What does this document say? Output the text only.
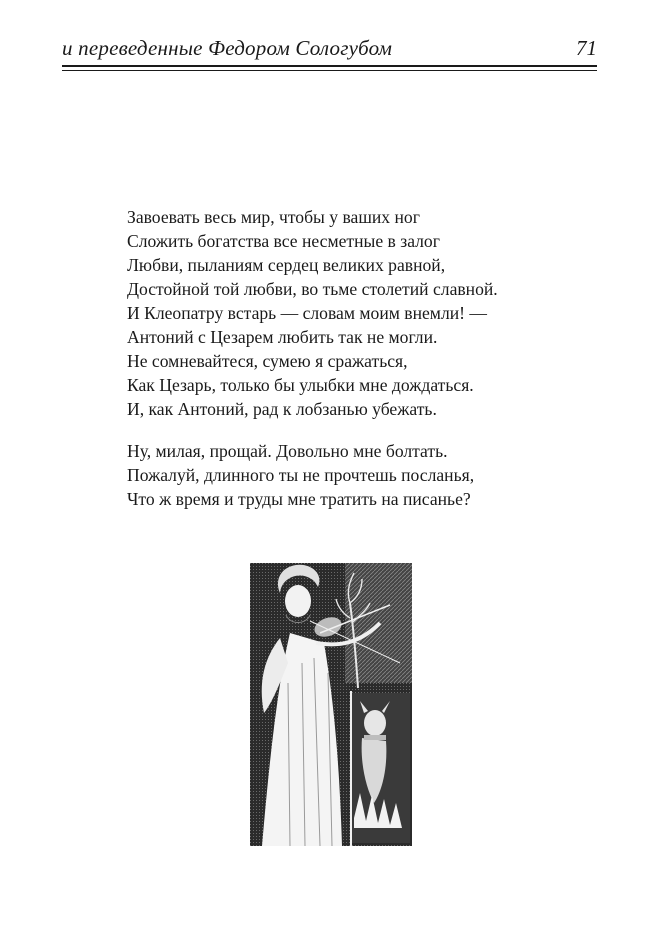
и переведенные Федором Сологубом	71
Завоевать весь мир, чтобы у ваших ног
Сложить богатства все несметные в залог
Любви, пыланиям сердец великих равной,
Достойной той любви, во тьме столетий славной.
И Клеопатру встарь — словам моим внемли! —
Антоний с Цезарем любить так не могли.
Не сомневайтеся, сумею я сражаться,
Как Цезарь, только бы улыбки мне дождаться.
И, как Антоний, рад к лобзанью убежать.
Ну, милая, прощай. Довольно мне болтать.
Пожалуй, длинного ты не прочтешь посланья,
Что ж время и труды мне тратить на писанье?
